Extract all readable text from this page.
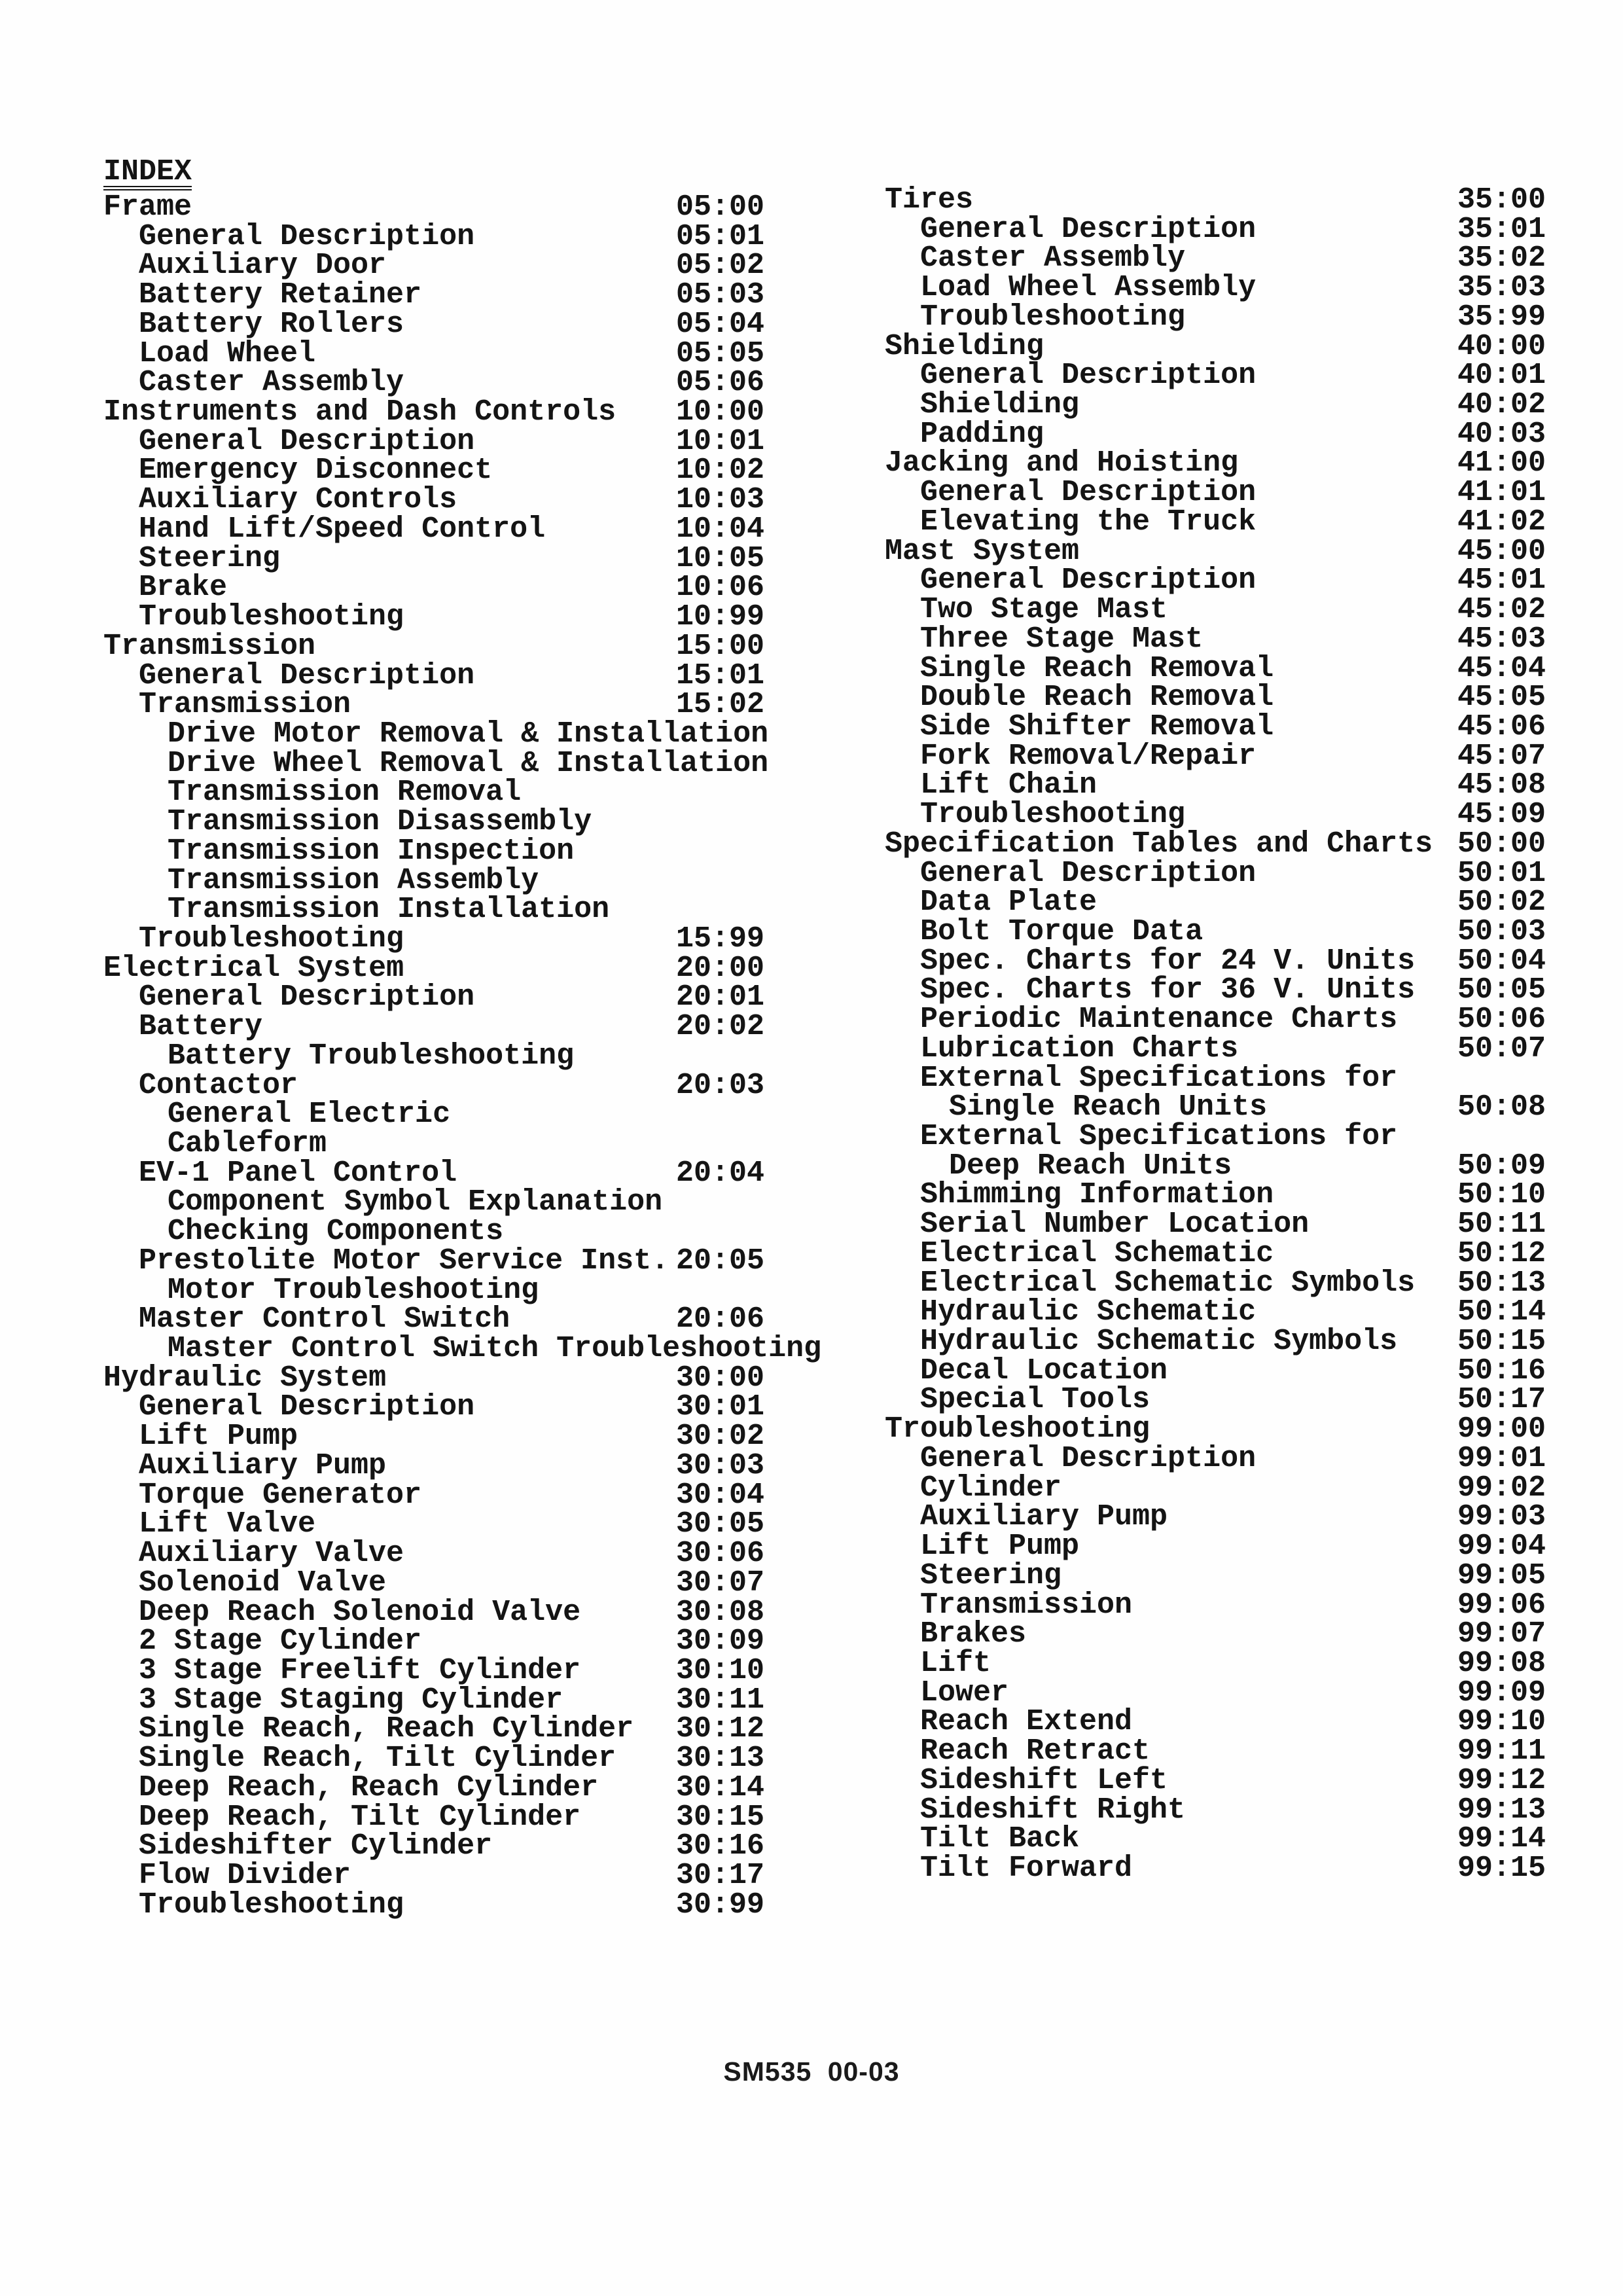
INDEX
Frame	05:00
General Description	05:01
Auxiliary Door	05:02
Battery Retainer	05:03
Battery Rollers	05:04
Load Wheel	05:05
Caster Assembly	05:06
Instruments and Dash Controls 10:00
General Description	10:01
Emergency Disconnect	10:02
Auxiliary Controls	10:03
Hand Lift/Speed Control	10:04
Steering	10:05
Brake	10:06
Troubleshooting	10:99
Transmission	15:00
General Description	15:01
Transmission	15:02
Drive Motor Removal & Installation
Drive Wheel Removal & Installation
Transmission Removal
Transmission Disassembly
Transmission Inspection
Transmission Assembly
Transmission Installation
Troubleshooting	15:99
Electrical System	20:00
General Description	20:01
Battery	20:02
Battery Troubleshooting
Contactor	20:03
General Electric
Cableform
EV-1 Panel Control	20:04
Component Symbol Explanation
Checking Components
Prestolite Motor Service Inst. 20:05
Motor Troubleshooting
Master Control Switch	20:06
Master Control Switch Troubleshooting
Hydraulic System	30:00
General Description	30:01
Lift Pump	30:02
Auxiliary Pump	30:03
Torque Generator	30:04
Lift Valve	30:05
Auxiliary Valve	30:06
Solenoid Valve	30:07
Deep Reach Solenoid Valve	30:08
2 Stage Cylinder	30:09
3 Stage Freelift Cylinder	30:10
3 Stage Staging Cylinder	30:11
Single Reach, Reach Cylinder 30:12
Single Reach, Tilt Cylinder 30:13
Deep Reach, Reach Cylinder	30:14
Deep Reach, Tilt Cylinder	30:15
Sideshifter Cylinder	30:16
Flow Divider	30:17
Troubleshooting	30:99
Tires	35:00
General Description	35:01
Caster Assembly	35:02
Load Wheel Assembly	35:03
Troubleshooting	35:99
Shielding	40:00
General Description	40:01
Shielding	40:02
Padding	40:03
Jacking and Hoisting	41:00
General Description	41:01
Elevating the Truck	41:02
Mast System	45:00
General Description	45:01
Two Stage Mast	45:02
Three Stage Mast	45:03
Single Reach Removal	45:04
Double Reach Removal	45:05
Side Shifter Removal	45:06
Fork Removal/Repair	45:07
Lift Chain	45:08
Troubleshooting	45:09
Specification Tables and Charts 50:00
General Description	50:01
Data Plate	50:02
Bolt Torque Data	50:03
Spec. Charts for 24 V. Units 50:04
Spec. Charts for 36 V. Units 50:05
Periodic Maintenance Charts 50:06
Lubrication Charts	50:07
External Specifications for
Single Reach Units	50:08
External Specifications for
Deep Reach Units	50:09
Shimming Information	50:10
Serial Number Location	50:11
Electrical Schematic	50:12
Electrical Schematic Symbols 50:13
Hydraulic Schematic	50:14
Hydraulic Schematic Symbols 50:15
Decal Location	50:16
Special Tools	50:17
Troubleshooting	99:00
General Description	99:01
Cylinder	99:02
Auxiliary Pump	99:03
Lift Pump	99:04
Steering	99:05
Transmission	99:06
Brakes	99:07
Lift	99:08
Lower	99:09
Reach Extend	99:10
Reach Retract	99:11
Sideshift Left	99:12
Sideshift Right	99:13
Tilt Back	99:14
Tilt Forward	99:15
SM535 00-03
